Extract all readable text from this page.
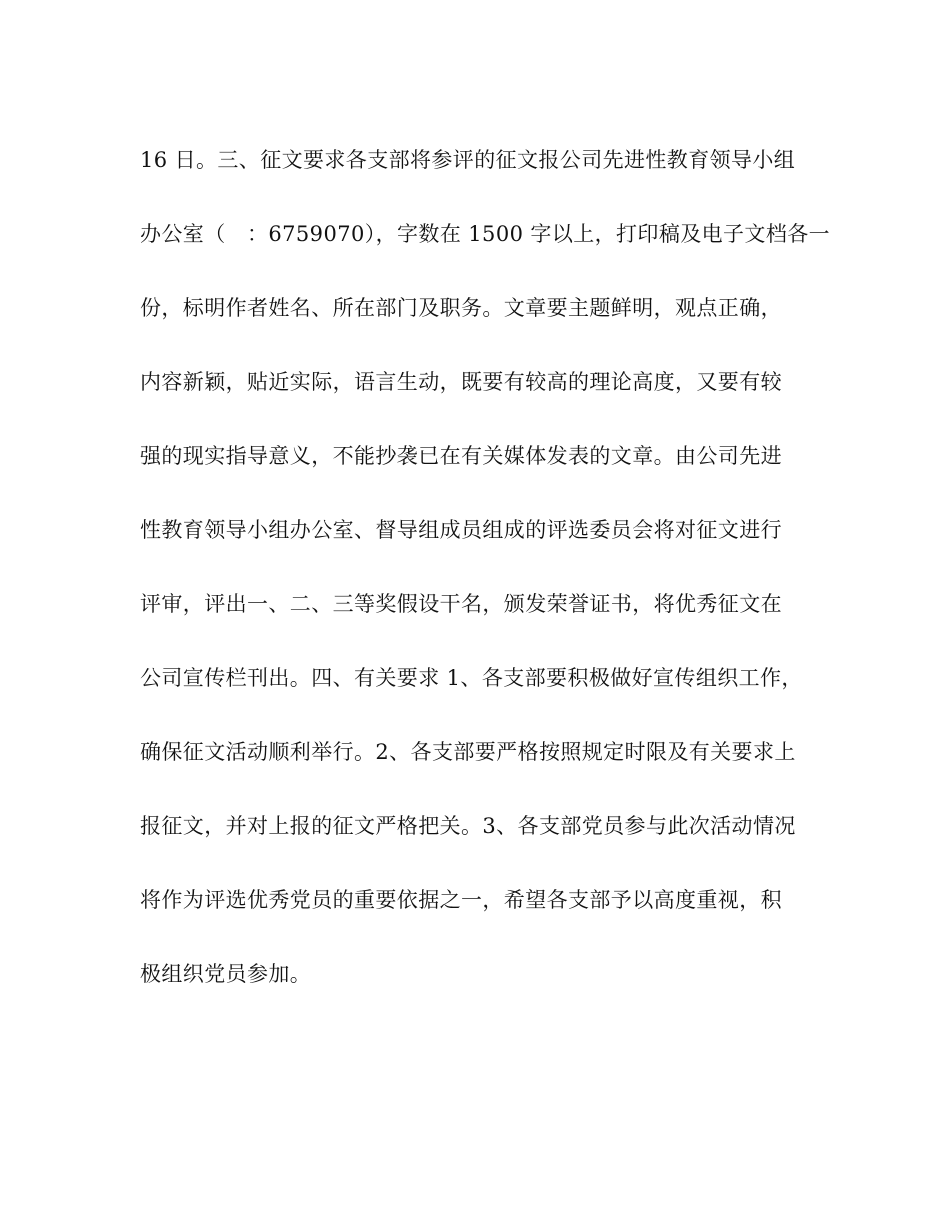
16 日。三、征文要求各支部将参评的征文报公司先进性教育领导小组
办公室（　：6759070），字数在 1500 字以上，打印稿及电子文档各一
份，标明作者姓名、所在部门及职务。文章要主题鲜明，观点正确，
内容新颖，贴近实际，语言生动，既要有较高的理论高度，又要有较
强的现实指导意义，不能抄袭已在有关媒体发表的文章。由公司先进
性教育领导小组办公室、督导组成员组成的评选委员会将对征文进行
评审，评出一、二、三等奖假设干名，颁发荣誉证书，将优秀征文在
公司宣传栏刊出。四、有关要求 1、各支部要积极做好宣传组织工作，
确保征文活动顺利举行。2、各支部要严格按照规定时限及有关要求上
报征文，并对上报的征文严格把关。3、各支部党员参与此次活动情况
将作为评选优秀党员的重要依据之一，希望各支部予以高度重视，积
极组织党员参加。
